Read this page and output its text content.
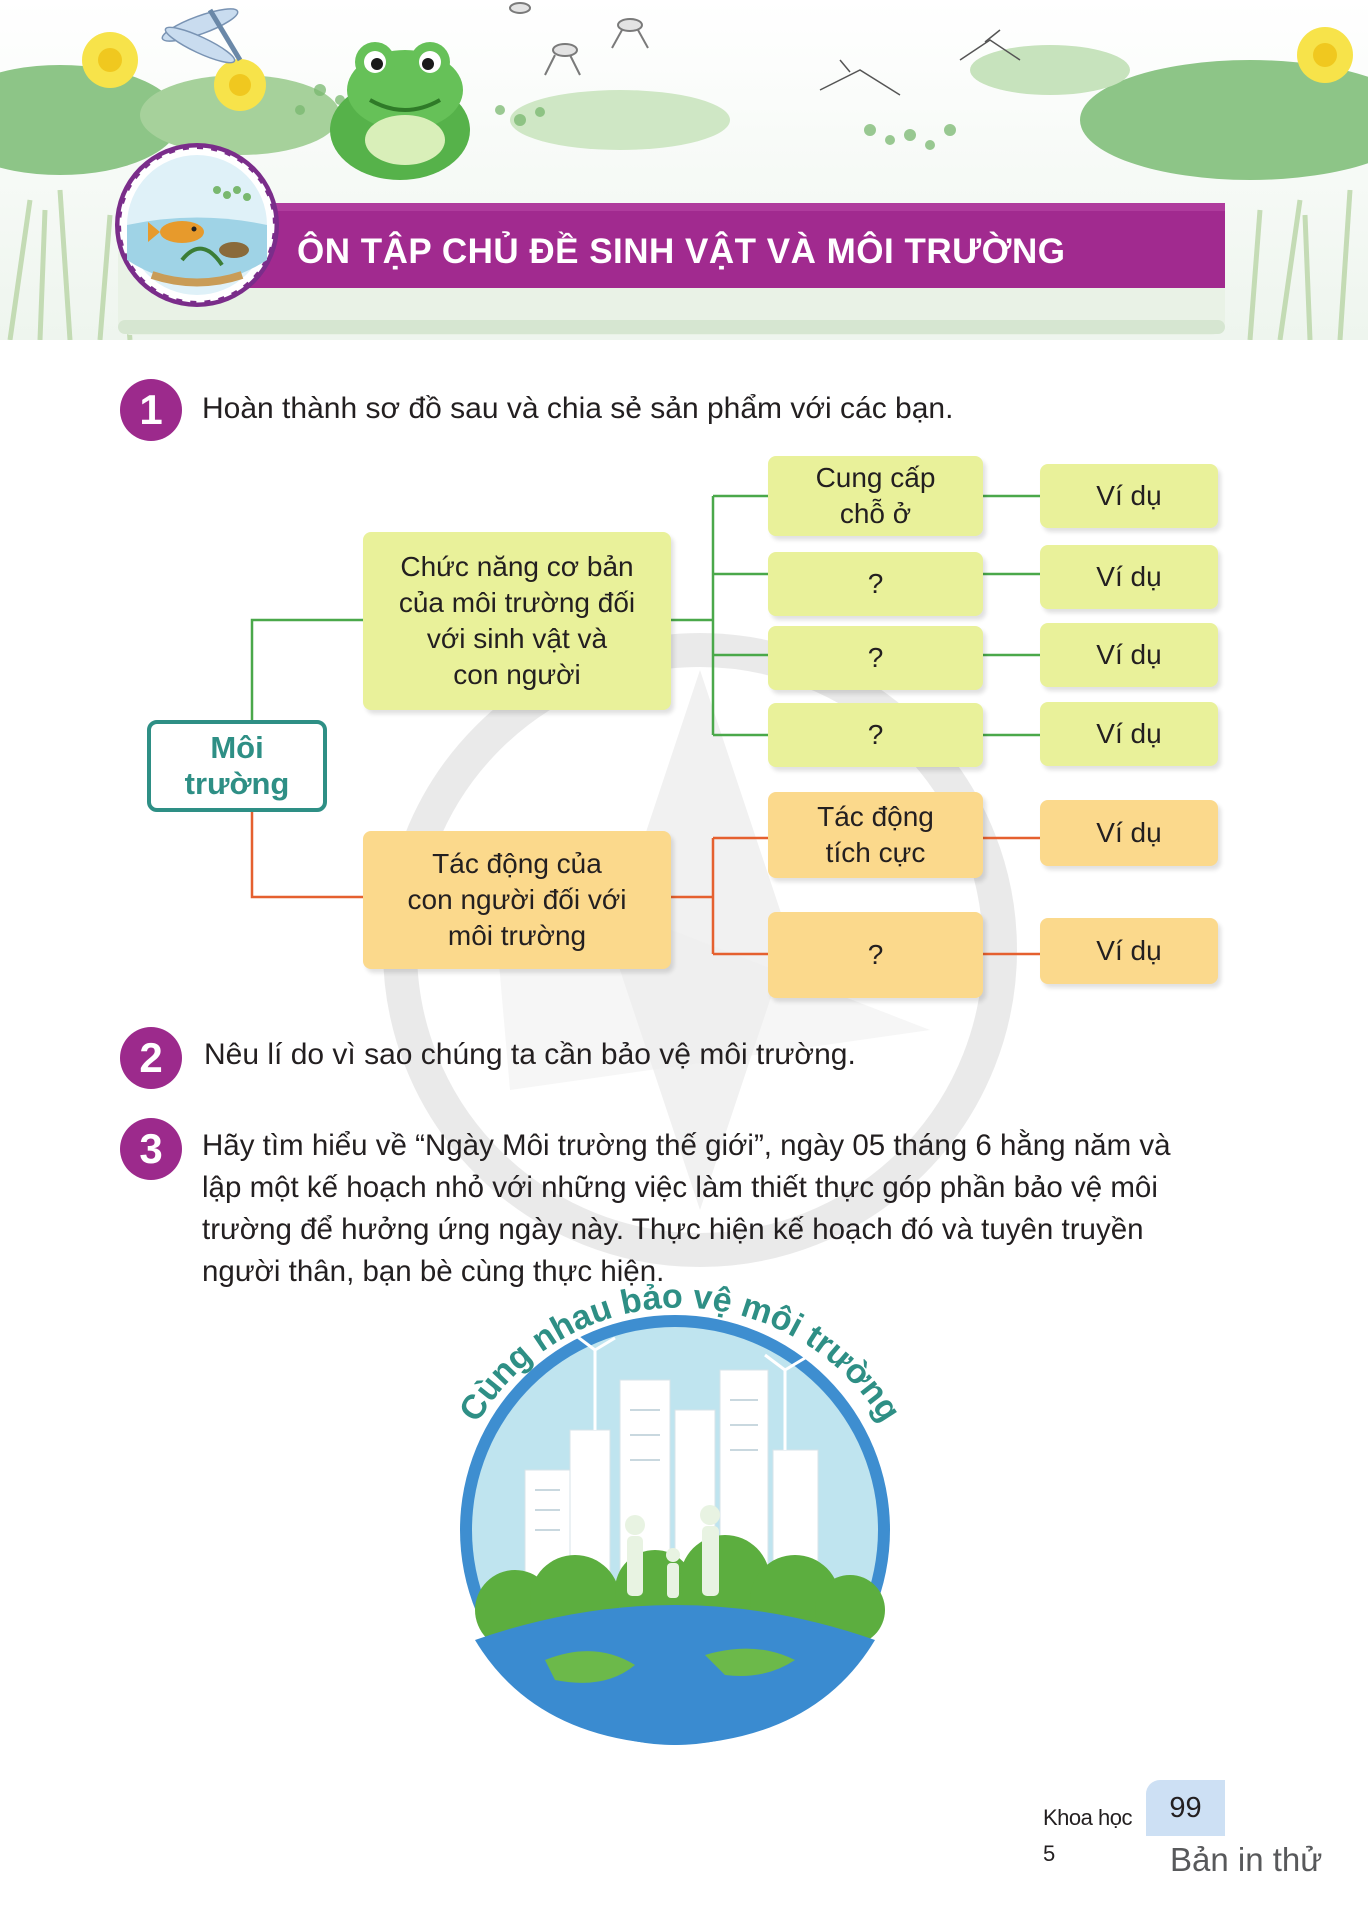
ÔN TẬP CHỦ ĐỀ SINH VẬT VÀ MÔI TRƯỜNG
1	Hoàn thành sơ đồ sau và chia sẻ sản phẩm với các bạn.
Môi trường
Chức năng cơ bản
của môi trường đối
với sinh vật và
con người
Tác động của
con người đối với
môi trường
Cung cấp
chỗ ở
?
?
?
Tác động
tích cực
?
Ví dụ
Ví dụ
Ví dụ
Ví dụ
Ví dụ
Ví dụ
2	Nêu lí do vì sao chúng ta cần bảo vệ môi trường.
3	Hãy tìm hiểu về “Ngày Môi trường thế giới”, ngày 05 tháng 6 hằng năm và
lập một kế hoạch nhỏ với những việc làm thiết thực góp phần bảo vệ môi
trường để hưởng ứng ngày này. Thực hiện kế hoạch đó và tuyên truyền
người thân, bạn bè cùng thực hiện.
Cùng nhau bảo vệ môi trường
Khoa học 5
99
Bản in thử
